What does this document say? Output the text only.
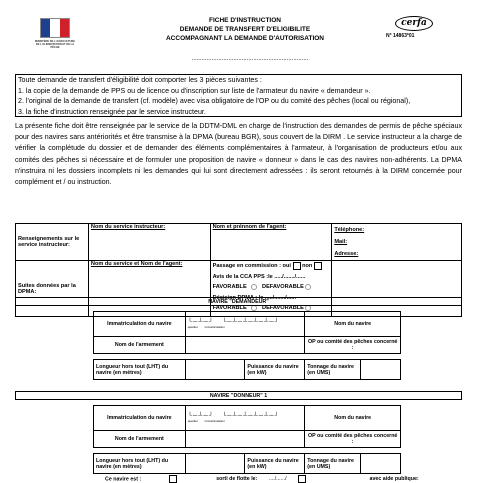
MINISTÈRE DE L'AGRICULTURE DE L'ALIMENTATION ET DE LA PÊCHE
FICHE D'INSTRUCTION
DEMANDE DE TRANSFERT D'ELIGIBILITE
ACCOMPAGNANT LA DEMANDE D'AUTORISATION
......................................................................
cerfa
N° 14863*01
Toute demande de transfert d'éligibilité doit comporter les 3 pièces suivantes :
1. la copie de la demande de PPS ou de licence ou d'inscription sur liste de l'armateur du navire « demandeur ».
2. l'original de la demande de transfert (cf. modèle) avec visa obligatoire de l'OP ou du comité des pêches (local ou régional),
3. la fiche d'instruction renseignée par le service instructeur.
La présente fiche doit être renseignée par le service de la DDTM-DML en charge de l'instruction des demandes de permis de pêche spéciaux pour des navires sans antériorités et être transmise à la DPMA (bureau BGR), sous couvert de la DIRM . Le service instructeur a la charge de vérifier la complétude du dossier et de demander des éléments complémentaires à l'armateur, à l'organisation de producteurs et/ou aux comités des pêches si nécessaire et de formuler une proposition de navire « donneur » dans le cas des navires non-adhérents. La DPMA n'instruira ni les dossiers incomplets ni les demandes qui lui sont directement adressées : ils seront retournés à la DIRM concernée pour complément et / ou instruction.
Renseignements sur le service instructeur:	Nom du service instructeur:	Nom et prénnom de l'agent:	Téléphone:
Mail:
Adresse:

Suites données par la DPMA:	Nom du service et Nom de l'agent:	Passage en commission : oui non
Avis de la CCA PPS :le ...../......./......
FAVORABLE DEFAVORABLE
Décision DPMA : le ...../......./......
FAVORABLE DEFAVORABLE	

NAVIRE "DEMANDEUR"
Immatriculation du navire	└─┴─┘   └─┴─┴─┴─┴─┘
quartier immatriculation	Nom du navire
Nom de l'armement		OP ou comité des pêches concerné :
Longueur hors tout (LHT) du navire (en mètres)		Puissance du navire (en kW)	Tonnage du navire (en UMS)	
NAVIRE "DONNEUR" 1
Immatriculation du navire	└─┴─┘   └─┴─┴─┴─┴─┘
quartier immatriculation	Nom du navire
Nom de l'armement		OP ou comité des pêches concerné :
Longueur hors tout (LHT) du navire (en mètres)		Puissance du navire (en kW)	Tonnage du navire (en UMS)	
Ce navire est :	sorti de flotte le: ..../....../	avec aide publique:
